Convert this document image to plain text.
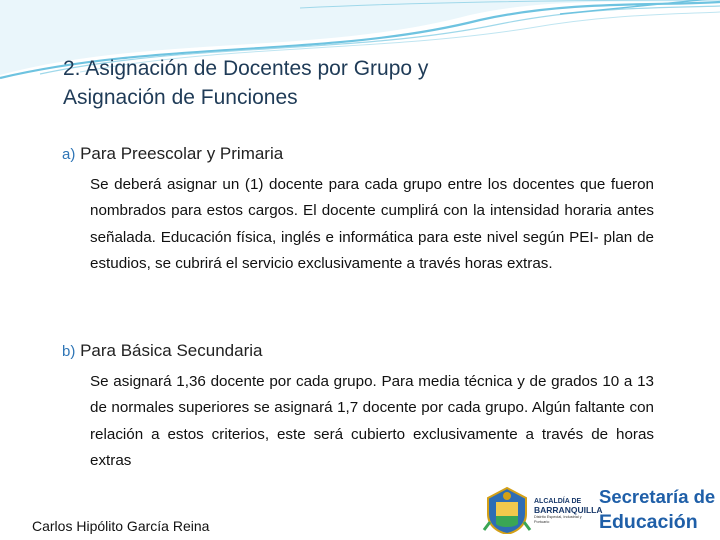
2. Asignación de Docentes por Grupo y
Asignación de Funciones
a) Para Preescolar y Primaria

Se deberá asignar un (1) docente para cada grupo entre los docentes que fueron nombrados para estos cargos. El docente cumplirá con la intensidad horaria antes señalada. Educación física, inglés e informática para este nivel según PEI- plan de estudios, se cubrirá el servicio exclusivamente a través horas extras.

b) Para Básica Secundaria

Se asignará 1,36 docente por cada grupo. Para media técnica y de grados 10 a 13 de normales superiores se asignará 1,7 docente por cada grupo. Algún faltante con relación a estos criterios, este será cubierto exclusivamente a través de horas extras

Carlos Hipólito García Reina
ALCALDÍA DE
BARRANQUILLA
Distrito Especial, Industrial y Portuario
Secretaría de
Educación
